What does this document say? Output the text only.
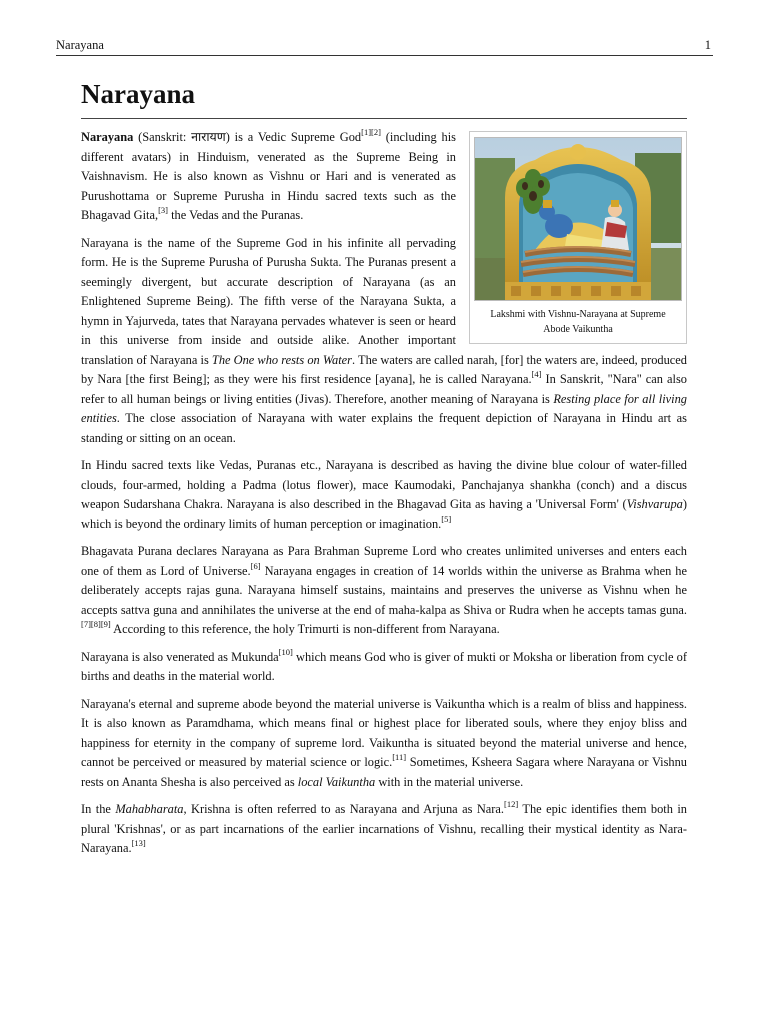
Narayana	1
Narayana
Lakshmi with Vishnu-Narayana at Supreme Abode Vaikuntha

Narayana (Sanskrit: नारायण) is a Vedic Supreme God[1][2] (including his different avatars) in Hinduism, venerated as the Supreme Being in Vaishnavism. He is also known as Vishnu or Hari and is venerated as Purushottama or Supreme Purusha in Hindu sacred texts such as the Bhagavad Gita,[3] the Vedas and the Puranas.

Narayana is the name of the Supreme God in his infinite all pervading form. He is the Supreme Purusha of Purusha Sukta. The Puranas present a seemingly divergent, but accurate description of Narayana (as an Enlightened Supreme Being). The fifth verse of the Narayana Sukta, a hymn in Yajurveda, tates that Narayana pervades whatever is seen or heard in this universe from inside and outside alike. Another important translation of Narayana is The One who rests on Water. The waters are called narah, [for] the waters are, indeed, produced by Nara [the first Being]; as they were his first residence [ayana], he is called Narayana.[4] In Sanskrit, "Nara" can also refer to all human beings or living entities (Jivas). Therefore, another meaning of Narayana is Resting place for all living entities. The close association of Narayana with water explains the frequent depiction of Narayana in Hindu art as standing or sitting on an ocean.

In Hindu sacred texts like Vedas, Puranas etc., Narayana is described as having the divine blue colour of water-filled clouds, four-armed, holding a Padma (lotus flower), mace Kaumodaki, Panchajanya shankha (conch) and a discus weapon Sudarshana Chakra. Narayana is also described in the Bhagavad Gita as having a 'Universal Form' (Vishvarupa) which is beyond the ordinary limits of human perception or imagination.[5]

Bhagavata Purana declares Narayana as Para Brahman Supreme Lord who creates unlimited universes and enters each one of them as Lord of Universe.[6] Narayana engages in creation of 14 worlds within the universe as Brahma when he deliberately accepts rajas guna. Narayana himself sustains, maintains and preserves the universe as Vishnu when he accepts sattva guna and annihilates the universe at the end of maha-kalpa as Shiva or Rudra when he accepts tamas guna.[7][8][9] According to this reference, the holy Trimurti is non-different from Narayana.

Narayana is also venerated as Mukunda[10] which means God who is giver of mukti or Moksha or liberation from cycle of births and deaths in the material world.

Narayana's eternal and supreme abode beyond the material universe is Vaikuntha which is a realm of bliss and happiness. It is also known as Paramdhama, which means final or highest place for liberated souls, where they enjoy bliss and happiness for eternity in the company of supreme lord. Vaikuntha is situated beyond the material universe and hence, cannot be perceived or measured by material science or logic.[11] Sometimes, Ksheera Sagara where Narayana or Vishnu rests on Ananta Shesha is also perceived as local Vaikuntha with in the material universe.

In the Mahabharata, Krishna is often referred to as Narayana and Arjuna as Nara.[12] The epic identifies them both in plural 'Krishnas', or as part incarnations of the earlier incarnations of Vishnu, recalling their mystical identity as Nara-Narayana.[13]
